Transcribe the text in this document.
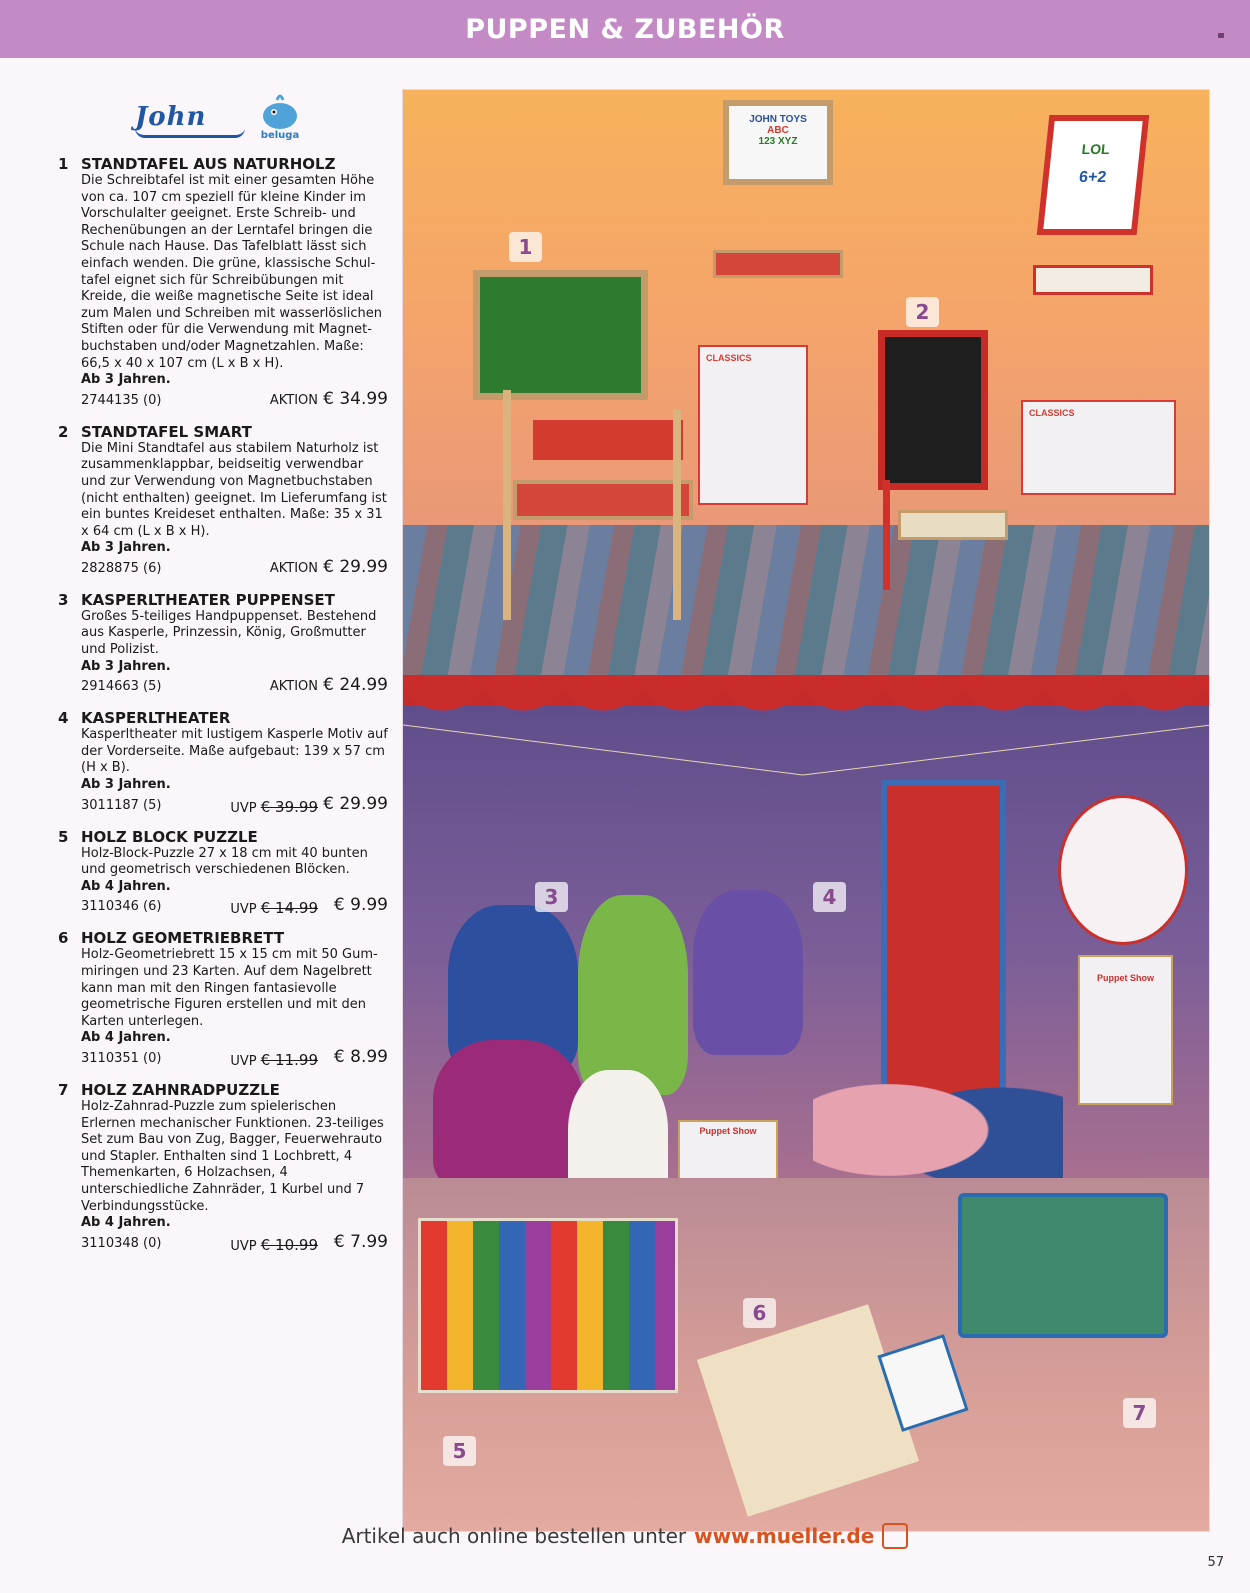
PUPPEN & ZUBEHÖR
John
beluga
1 STANDTAFEL AUS NATURHOLZ
Die Schreibtafel ist mit einer gesamten Höhe von ca. 107 cm speziell für kleine Kinder im Vorschulalter geeignet. Erste Schreib- und Rechenübungen an der Lerntafel bringen die Schule nach Hause. Das Tafelblatt lässt sich einfach wenden. Die grüne, klassische Schul-tafel eignet sich für Schreibübungen mit Kreide, die weiße magnetische Seite ist ideal zum Malen und Schreiben mit wasserlöslichen Stiften oder für die Verwendung mit Magnet-buchstaben und/oder Magnetzahlen. Maße: 66,5 x 40 x 107 cm (L x B x H).
Ab 3 Jahren.
2744135 (0)	AKTION € 34.99
2 STANDTAFEL SMART
Die Mini Standtafel aus stabilem Naturholz ist zusammenklappbar, beidseitig verwendbar und zur Verwendung von Magnetbuchstaben (nicht enthalten) geeignet. Im Lieferumfang ist ein buntes Kreideset enthalten. Maße: 35 x 31 x 64 cm (L x B x H).
Ab 3 Jahren.
2828875 (6)	AKTION € 29.99
3 KASPERLTHEATER PUPPENSET
Großes 5-teiliges Handpuppenset. Bestehend aus Kasperle, Prinzessin, König, Großmutter und Polizist.
Ab 3 Jahren.
2914663 (5)	AKTION € 24.99
4 KASPERLTHEATER
Kasperltheater mit lustigem Kasperle Motiv auf der Vorderseite. Maße aufgebaut: 139 x 57 cm (H x B).
Ab 3 Jahren.
3011187 (5)	UVP € 39.99 € 29.99
5 HOLZ BLOCK PUZZLE
Holz-Block-Puzzle 27 x 18 cm mit 40 bunten und geometrisch verschiedenen Blöcken.
Ab 4 Jahren.
3110346 (6)	UVP € 14.99 € 9.99
6 HOLZ GEOMETRIEBRETT
Holz-Geometriebrett 15 x 15 cm mit 50 Gum-miringen und 23 Karten. Auf dem Nagelbrett kann man mit den Ringen fantasievolle geometrische Figuren erstellen und mit den Karten unterlegen.
Ab 4 Jahren.
3110351 (0)	UVP € 11.99 € 8.99
7 HOLZ ZAHNRADPUZZLE
Holz-Zahnrad-Puzzle zum spielerischen Erlernen mechanischer Funktionen. 23-teiliges Set zum Bau von Zug, Bagger, Feuerwehrauto und Stapler. Enthalten sind 1 Lochbrett, 4 Themenkarten, 6 Holzachsen, 4 unterschiedliche Zahnräder, 1 Kurbel und 7 Verbindungsstücke.
Ab 4 Jahren.
3110348 (0)	UVP € 10.99 € 7.99
JOHN TOYS
ABC
123 XYZ	LOL
6+2
CLASSICS
CLASSICS
1
2
Puppet Show
Puppet Show
3	4
5
6
7
Artikel auch online bestellen unter www.mueller.de
57
